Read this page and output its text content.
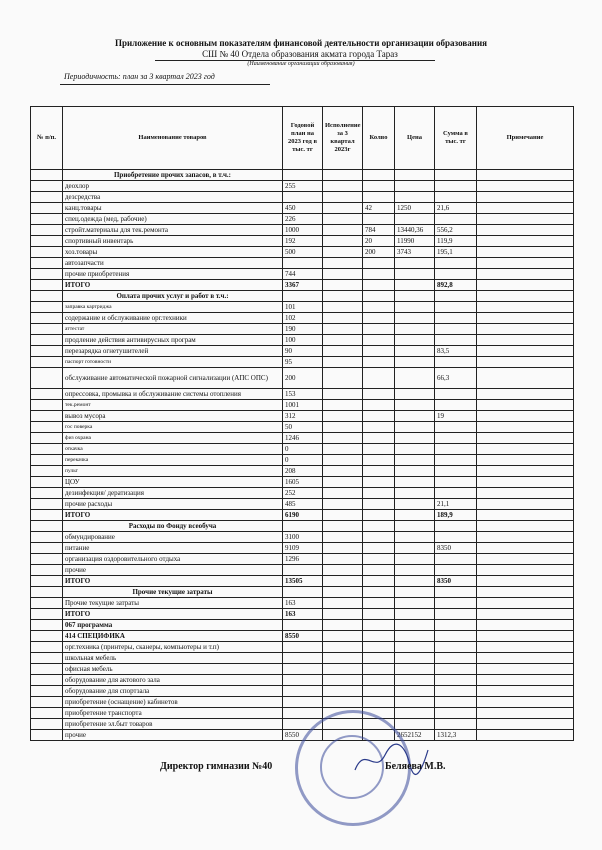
Приложение к основным показателям финансовой деятельности организации образования
СШ № 40 Отдела образования акмата города Тараз
(Наименование организации образования)
Периодичность: план за 3 квартал 2023 год
№ п/п.	Наименование товаров	Годовой план на 2023 год в тыс. тг	Исполнение за 3 квартал 2023г	Колво	Цена	Сумма в тыс. тг	Примечание
	Приобретение прочих запасов, в т.ч.:						
	деохлор	255					
	дезсредства						
	канц.товары	450		42	1250	21,6	
	спец.одежда (мед, рабочие)	226					
	стройт.материалы для тек.ремонта	1000		784	13440,36	556,2	
	спортивный инвентарь	192		20	11990	119,9	
	хоз.товары	500		200	3743	195,1	
	автозапчасти						
	прочие приобретения	744					
	ИТОГО	3367				892,8	
	Оплата прочих услуг и работ в т.ч.:						
	заправка картриджа	101					
	содержание и обслуживание орг.техники	102					
	аттестат	190					
	продление действия антивирусных програм	100					
	перезарядка огнетушителей	90				83,5	
	паспорт готовности	95					
	обслуживание автоматической пожарной сигнализации (АПС ОПС)	200				66,3	
	опрессовка, промывка и обслуживание системы отопления	153					
	тек.ремонт	1001					
	вывоз мусора	312				19	
	гос поверка	50					
	физ охрана	1246					
	откачка	0					
	перекачка	0					
	пульт	208					
	ЦОУ	1605					
	дезинфекция/ дератизация	252					
	прочие расходы	485				21,1	
	ИТОГО	6190				189,9	
	Расходы по Фонду всеобуча						
	обмундирование	3100					
	питание	9109				8350	
	организация оздоровительного отдыха	1296					
	прочие						
	ИТОГО	13505				8350	
	Прочие текущие затраты						
	Прочие текущие затраты	163					
	ИТОГО	163					
	067 программа						
	414 СПЕЦИФИКА	8550					
	орг.техника (принтеры, сканеры, компьютеры и т.п)						
	школьная мебель						
	офисная мебель						
	оборудование для актового зала						
	оборудование для спортзала						
	приобретение (оснащение) кабинетов						
	приобретение транспорта						
	приобретение эл.быт товаров						
	прочие	8550			2652152	1312,3	
Директор гимназии №40	Беляева М.В.
